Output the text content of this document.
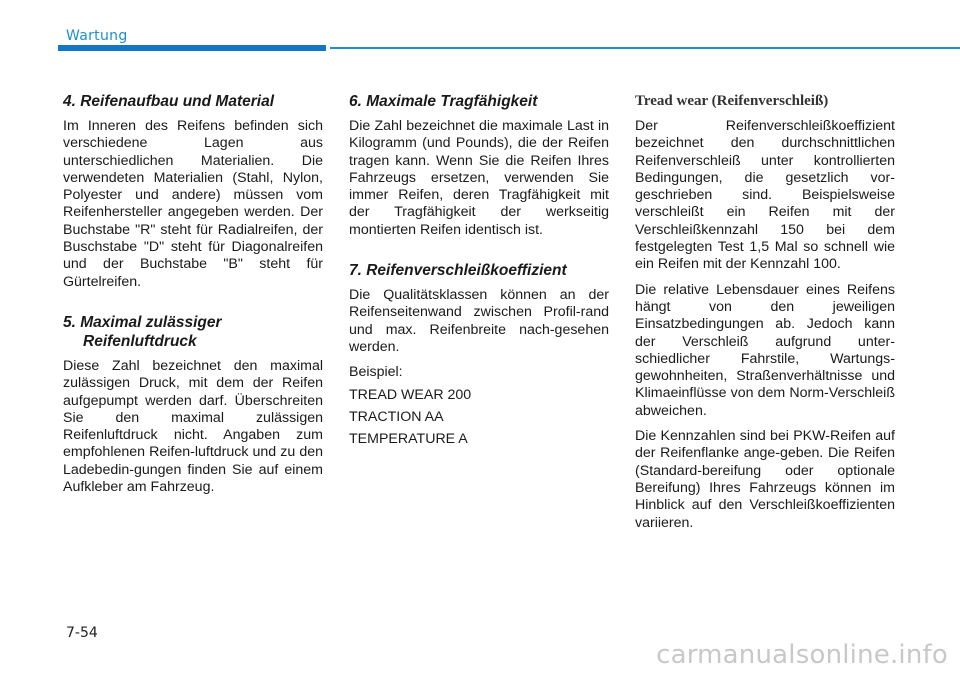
Wartung
4. Reifenaufbau und Material

Im Inneren des Reifens befinden sich verschiedene Lagen aus unterschiedlichen Materialien. Die verwendeten Materialien (Stahl, Nylon, Polyester und andere) müssen vom Reifenhersteller angegeben werden. Der Buchstabe "R" steht für Radialreifen, der Buschstabe "D" steht für Diagonalreifen und der Buchstabe "B" steht für Gürtelreifen.

5. Maximal zulässiger
Reifenluftdruck

Diese Zahl bezeichnet den maximal zulässigen Druck, mit dem der Reifen aufgepumpt werden darf. Überschreiten Sie den maximal zulässigen Reifenluftdruck nicht. Angaben zum empfohlenen Reifen-luftdruck und zu den Ladebedin-gungen finden Sie auf einem Aufkleber am Fahrzeug.

6. Maximale Tragfähigkeit

Die Zahl bezeichnet die maximale Last in Kilogramm (und Pounds), die der Reifen tragen kann. Wenn Sie die Reifen Ihres Fahrzeugs ersetzen, verwenden Sie immer Reifen, deren Tragfähigkeit mit der Tragfähigkeit der werkseitig montierten Reifen identisch ist.

7. Reifenverschleißkoeffizient

Die Qualitätsklassen können an der Reifenseitenwand zwischen Profil-rand und max. Reifenbreite nach-gesehen werden.

Beispiel:

TREAD WEAR 200

TRACTION AA

TEMPERATURE A

Tread wear (Reifenverschleiß)

Der Reifenverschleißkoeffizient bezeichnet den durchschnittlichen Reifenverschleiß unter kontrollierten Bedingungen, die gesetzlich vor-geschrieben sind. Beispielsweise verschleißt ein Reifen mit der Verschleißkennzahl 150 bei dem festgelegten Test 1,5 Mal so schnell wie ein Reifen mit der Kennzahl 100.

Die relative Lebensdauer eines Reifens hängt von den jeweiligen Einsatzbedingungen ab. Jedoch kann der Verschleiß aufgrund unter-schiedlicher Fahrstile, Wartungs-gewohnheiten, Straßenverhältnisse und Klimaeinflüsse von dem Norm-Verschleiß abweichen.

Die Kennzahlen sind bei PKW-Reifen auf der Reifenflanke ange-geben. Die Reifen (Standard-bereifung oder optionale Bereifung) Ihres Fahrzeugs können im Hinblick auf den Verschleißkoeffizienten variieren.

7-54
carmanualsonline.info
